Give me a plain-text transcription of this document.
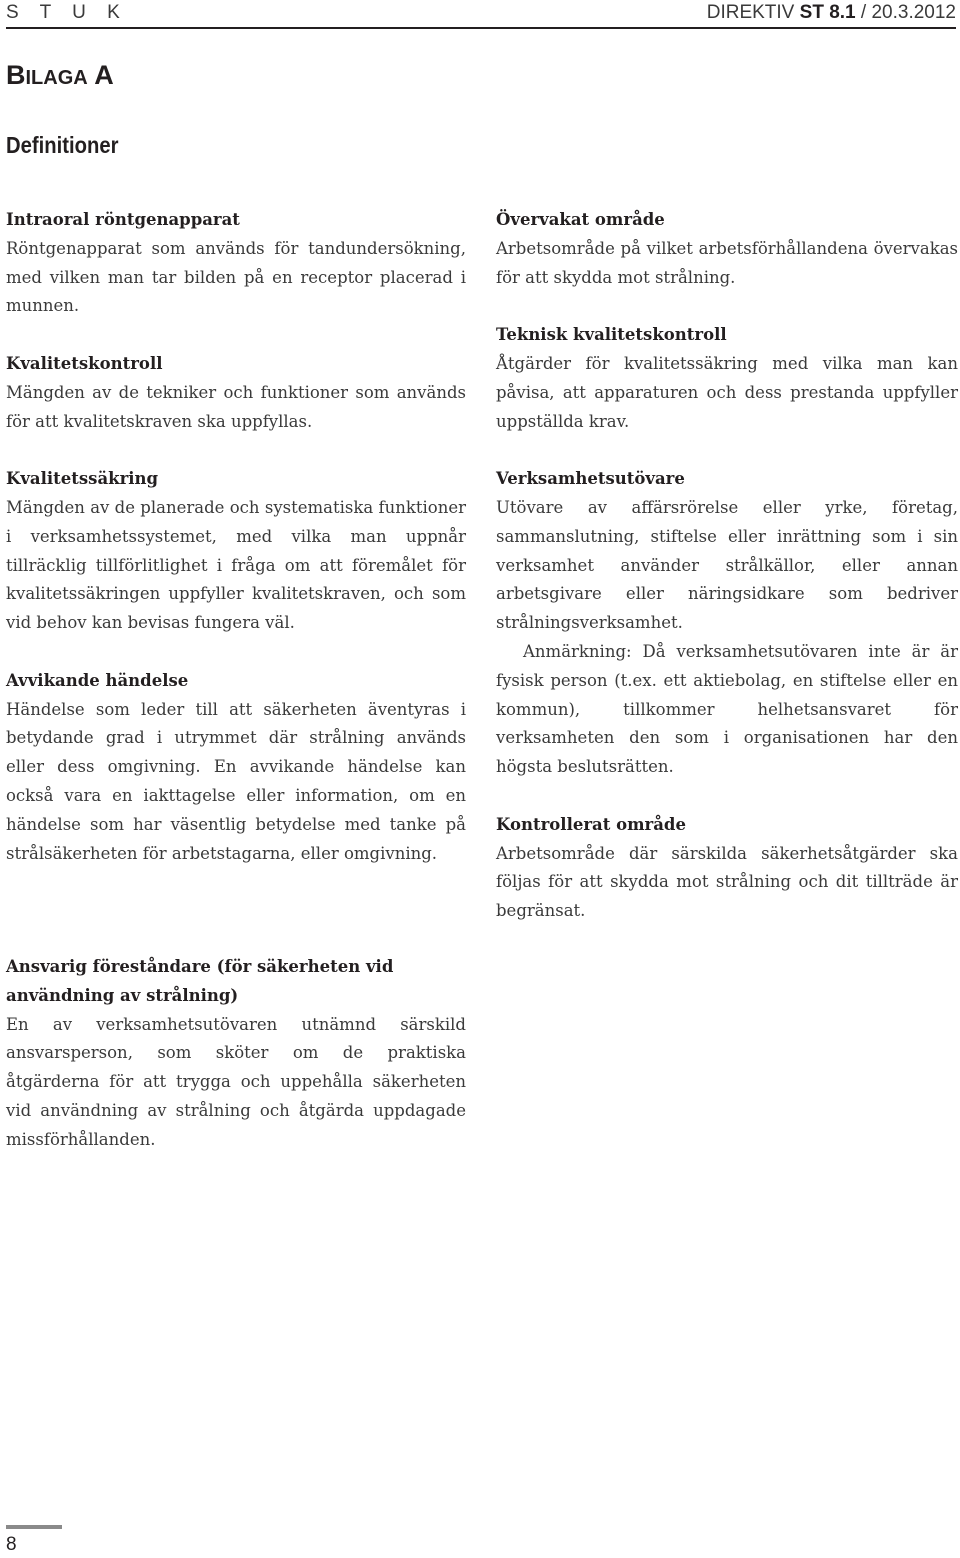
S T U K	DIREKTIV ST 8.1 / 20.3.2012
BILAGA A
Definitioner
Intraoral röntgenapparat
Röntgenapparat som används för tandundersökning, med vilken man tar bilden på en receptor placerad i munnen.
Kvalitetskontroll
Mängden av de tekniker och funktioner som används för att kvalitetskraven ska uppfyllas.
Kvalitetssäkring
Mängden av de planerade och systematiska funktioner i verksamhetssystemet, med vilka man uppnår tillräcklig tillförlitlighet i fråga om att föremålet för kvalitetssäkringen uppfyller kvalitetskraven, och som vid behov kan bevisas fungera väl.
Avvikande händelse
Händelse som leder till att säkerheten äventyras i betydande grad i utrymmet där strålning används eller dess omgivning. En avvikande händelse kan också vara en iakttagelse eller information, om en händelse som har väsentlig betydelse med tanke på strålsäkerheten för arbetstagarna, eller omgivning.
Ansvarig föreståndare (för säkerheten vid användning av strålning)
En av verksamhetsutövaren utnämnd särskild ansvarsperson, som sköter om de praktiska åtgärderna för att trygga och uppehålla säkerheten vid användning av strålning och åtgärda uppdagade missförhållanden.
Övervakat område
Arbetsområde på vilket arbetsförhållandena övervakas för att skydda mot strålning.
Teknisk kvalitetskontroll
Åtgärder för kvalitetssäkring med vilka man kan påvisa, att apparaturen och dess prestanda uppfyller uppställda krav.
Verksamhetsutövare
Utövare av affärsrörelse eller yrke, företag, sammanslutning, stiftelse eller inrättning som i sin verksamhet använder strålkällor, eller annan arbetsgivare eller näringsidkare som bedriver strålningsverksamhet.
Anmärkning: Då verksamhetsutövaren inte är är fysisk person (t.ex. ett aktiebolag, en stiftelse eller en kommun), tillkommer helhetsansvaret för verksamheten den som i organisationen har den högsta beslutsrätten.
Kontrollerat område
Arbetsområde där särskilda säkerhetsåtgärder ska följas för att skydda mot strålning och dit tillträde är begränsat.
8
